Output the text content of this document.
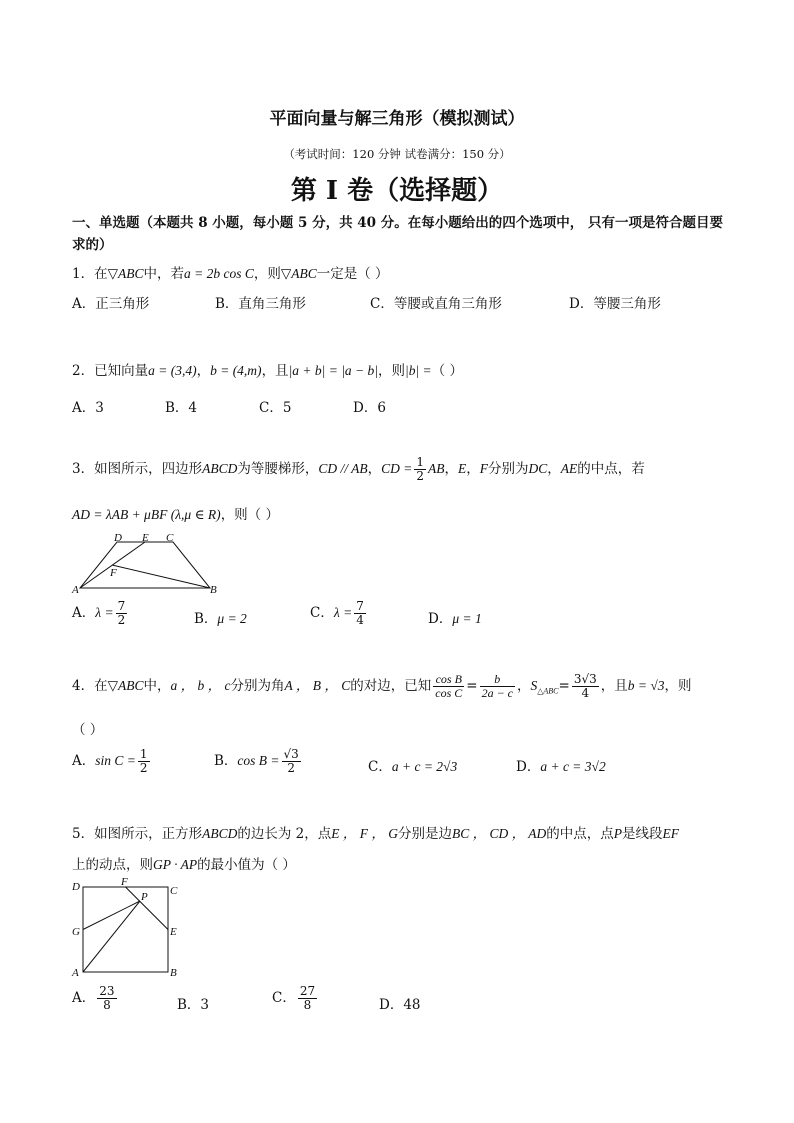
平面向量与解三角形（模拟测试）
（考试时间：120 分钟 试卷满分：150 分）
第 I 卷（选择题）
一、单选题（本题共 8 小题，每小题 5 分，共 40 分。在每小题给出的四个选项中， 只有一项是符合题目要求的）
1．在▽ABC中，若a = 2b cos C，则▽ABC一定是（ ）
A．正三角形	B．直角三角形	C．等腰或直角三角形	D．等腰三角形
2．已知向量a = (3,4)，b = (4,m)，且|a + b| = |a − b|，则|b| =（ ）
A．3	B．4	C．5	D．6
3．如图所示，四边形ABCD为等腰梯形，CD // AB，CD = $\frac{1}{2}$ AB，E，F分别为DC，AE的中点，若
AD = λAB + μBF (λ,μ ∈ R)，则（ ）
D E C
F
A	B
A．$\lambda = \frac{7}{2}$	B．μ = 2	C．$\lambda = \frac{7}{4}$	D．μ = 1
4．在▽ABC中，a ， b ， c分别为角A ， B ， C的对边，已知 $\frac{\text{cos B}}{\text{cos C}} = \frac{b}{2a - c}$ ，$S_{\triangle ABC}= \frac{3√3}{4}$ ，且b = √3，则
（ ）
A．$\sin C = \frac{1}{2}$	B．$\cos B = \frac{√3}{2}$	C．a + c = 2√3	D．a + c = 3√2
5．如图所示，正方形ABCD的边长为 2，点E ， F ， G分别是边BC ， CD ， AD的中点，点P是线段EF
上的动点，则GP · AP的最小值为（ ）
D	F
C
P
G	E
A	B
A． $\frac{23}{8}$	B．3	C． $\frac{27}{8}$	D．48
